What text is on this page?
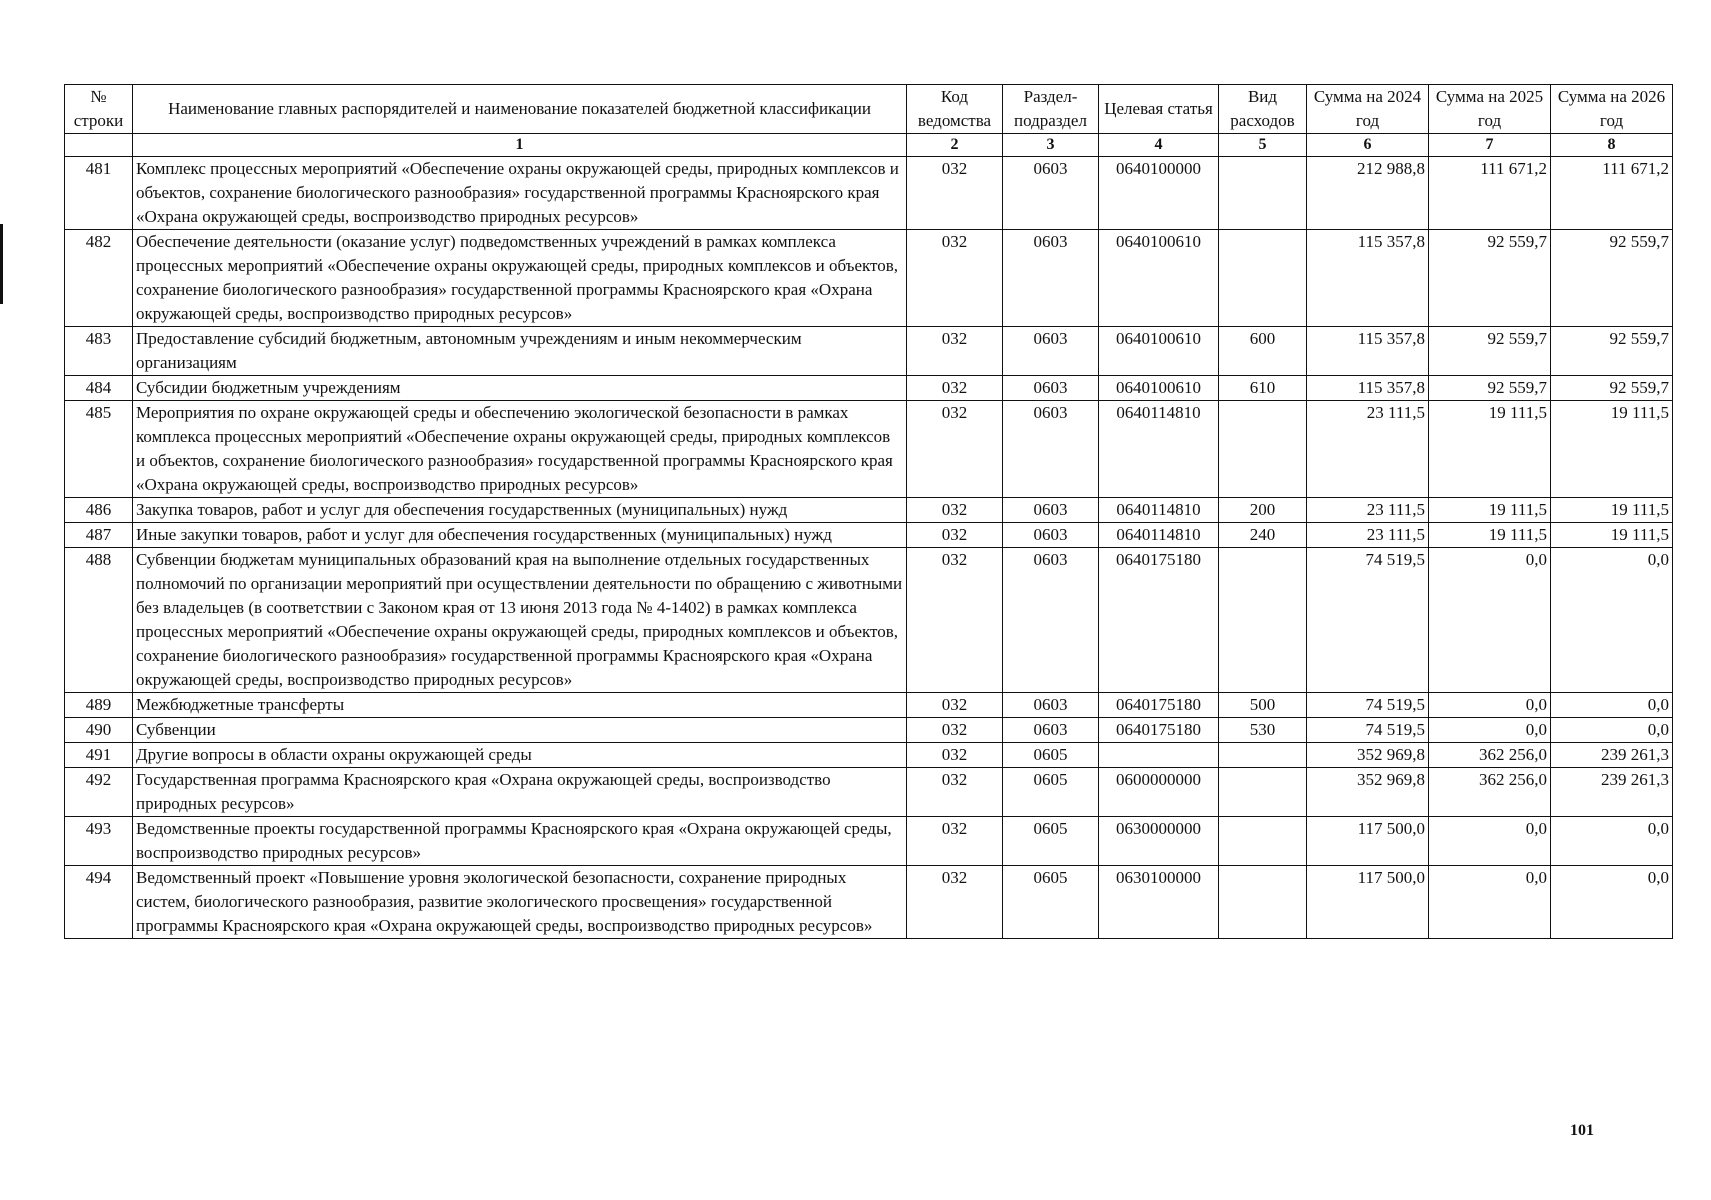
№ строки	Наименование главных распорядителей и наименование показателей бюджетной классификации	Код ведомства	Раздел- подраздел	Целевая статья	Вид расходов	Сумма на 2024 год	Сумма на 2025 год	Сумма на 2026 год
	1	2	3	4	5	6	7	8
481	Комплекс процессных мероприятий «Обеспечение охраны окружающей среды, природных комплексов и объектов, сохранение биологического разнообразия» государственной программы Красноярского края «Охрана окружающей среды, воспроизводство природных ресурсов»	032	0603	0640100000		212 988,8	111 671,2	111 671,2
482	Обеспечение деятельности (оказание услуг) подведомственных учреждений в рамках комплекса процессных мероприятий «Обеспечение охраны окружающей среды, природных комплексов и объектов, сохранение биологического разнообразия» государственной программы Красноярского края «Охрана окружающей среды, воспроизводство природных ресурсов»	032	0603	0640100610		115 357,8	92 559,7	92 559,7
483	Предоставление субсидий бюджетным, автономным учреждениям и иным некоммерческим организациям	032	0603	0640100610	600	115 357,8	92 559,7	92 559,7
484	Субсидии бюджетным учреждениям	032	0603	0640100610	610	115 357,8	92 559,7	92 559,7
485	Мероприятия по охране окружающей среды и обеспечению экологической безопасности в рамках комплекса процессных мероприятий «Обеспечение охраны окружающей среды, природных комплексов и объектов, сохранение биологического разнообразия» государственной программы Красноярского края «Охрана окружающей среды, воспроизводство природных ресурсов»	032	0603	0640114810		23 111,5	19 111,5	19 111,5
486	Закупка товаров, работ и услуг для обеспечения государственных (муниципальных) нужд	032	0603	0640114810	200	23 111,5	19 111,5	19 111,5
487	Иные закупки товаров, работ и услуг для обеспечения государственных (муниципальных) нужд	032	0603	0640114810	240	23 111,5	19 111,5	19 111,5
488	Субвенции бюджетам муниципальных образований края на выполнение отдельных государственных полномочий по организации мероприятий при осуществлении деятельности по обращению с животными без владельцев (в соответствии с Законом края от 13 июня 2013 года № 4-1402) в рамках комплекса процессных мероприятий «Обеспечение охраны окружающей среды, природных комплексов и объектов, сохранение биологического разнообразия» государственной программы Красноярского края «Охрана окружающей среды, воспроизводство природных ресурсов»	032	0603	0640175180		74 519,5	0,0	0,0
489	Межбюджетные трансферты	032	0603	0640175180	500	74 519,5	0,0	0,0
490	Субвенции	032	0603	0640175180	530	74 519,5	0,0	0,0
491	Другие вопросы в области охраны окружающей среды	032	0605			352 969,8	362 256,0	239 261,3
492	Государственная программа Красноярского края «Охрана окружающей среды, воспроизводство природных ресурсов»	032	0605	0600000000		352 969,8	362 256,0	239 261,3
493	Ведомственные проекты государственной программы Красноярского края «Охрана окружающей среды, воспроизводство природных ресурсов»	032	0605	0630000000		117 500,0	0,0	0,0
494	Ведомственный проект «Повышение уровня экологической безопасности, сохранение природных систем, биологического разнообразия, развитие экологического просвещения» государственной программы Красноярского края «Охрана окружающей среды, воспроизводство природных ресурсов»	032	0605	0630100000		117 500,0	0,0	0,0
101
